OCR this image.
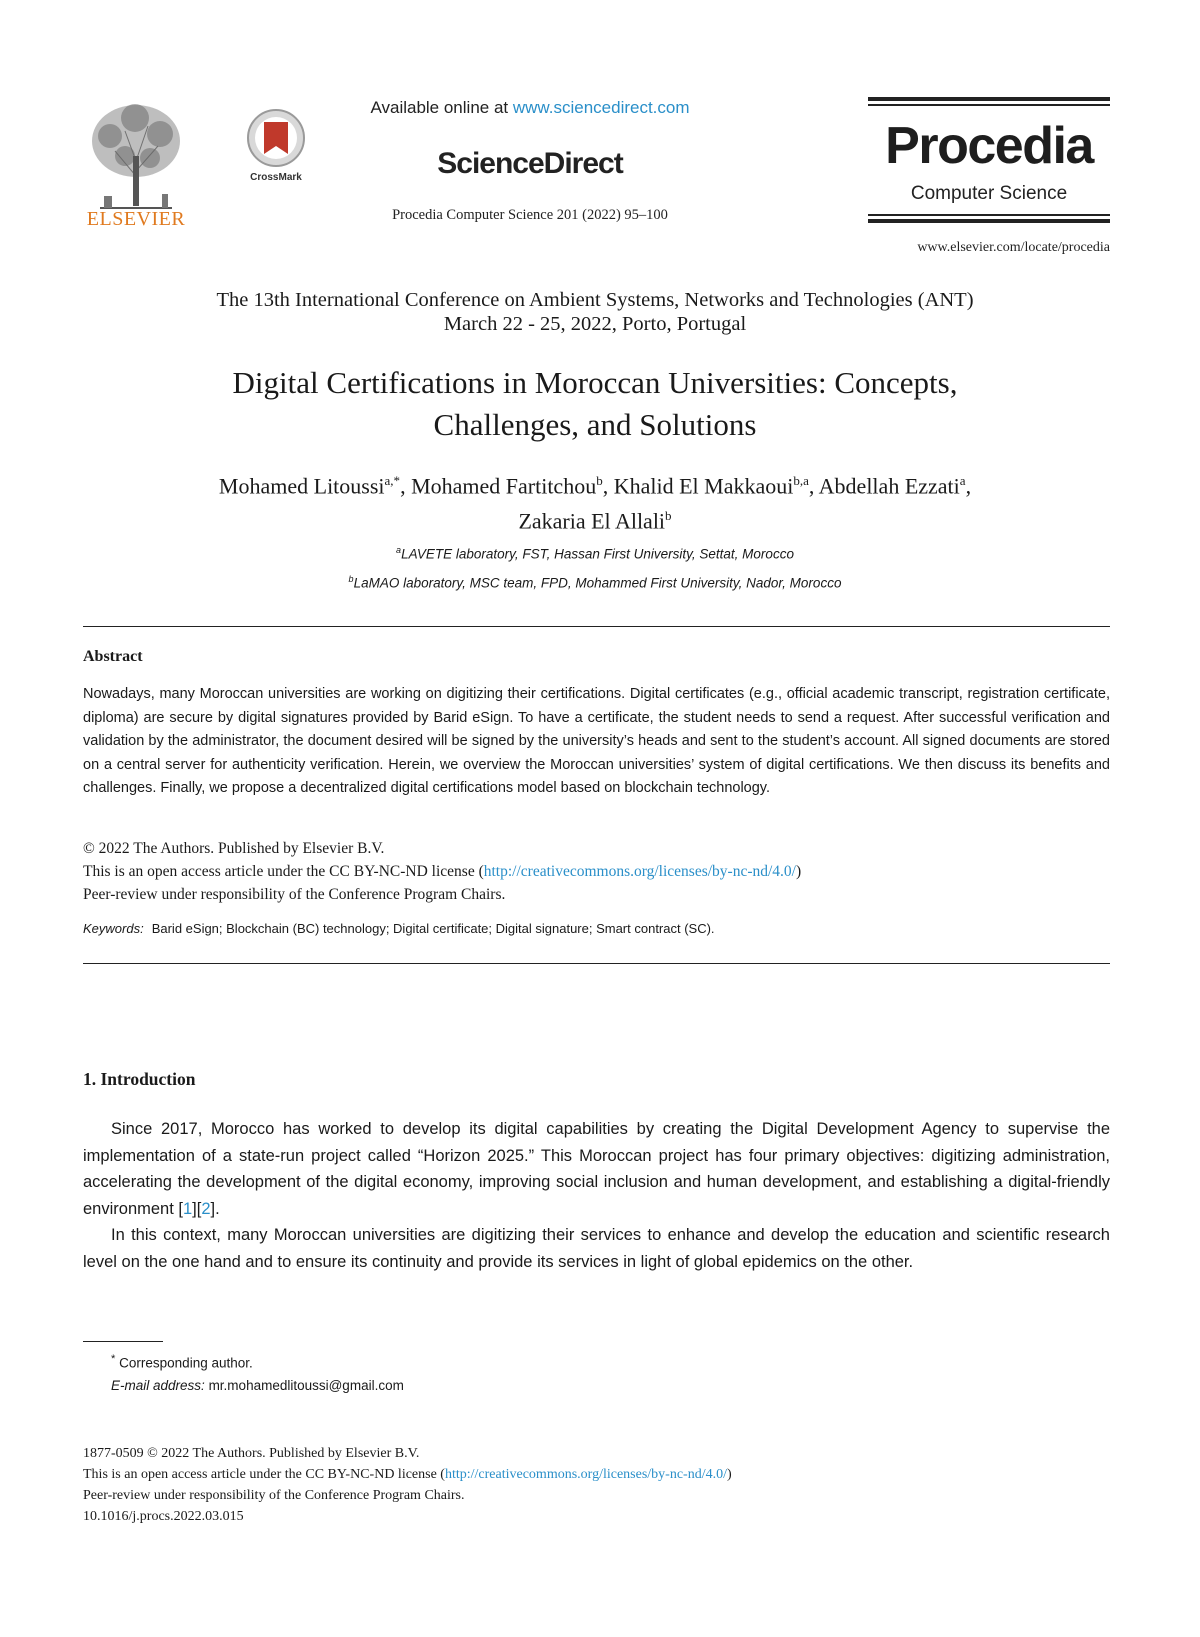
ELSEVIER
CrossMark
Available online at www.sciencedirect.com
ScienceDirect
Procedia Computer Science 201 (2022) 95–100
Procedia
Computer Science
www.elsevier.com/locate/procedia
The 13th International Conference on Ambient Systems, Networks and Technologies (ANT)
March 22 - 25, 2022, Porto, Portugal
Digital Certifications in Moroccan Universities: Concepts,
Challenges, and Solutions
Mohamed Litoussi$^{a,*}$, Mohamed Fartitchou$^b$, Khalid El Makkaoui$^{b,a}$, Abdellah Ezzati$^a$,
Zakaria El Allali$^b$
$^a$LAVETE laboratory, FST, Hassan First University, Settat, Morocco
$^b$LaMAO laboratory, MSC team, FPD, Mohammed First University, Nador, Morocco
Abstract
Nowadays, many Moroccan universities are working on digitizing their certifications. Digital certificates (e.g., official academic transcript, registration certificate, diploma) are secure by digital signatures provided by Barid eSign. To have a certificate, the student needs to send a request. After successful verification and validation by the administrator, the document desired will be signed by the university’s heads and sent to the student’s account. All signed documents are stored on a central server for authenticity verification. Herein, we overview the Moroccan universities’ system of digital certifications. We then discuss its benefits and challenges. Finally, we propose a decentralized digital certifications model based on blockchain technology.
© 2022 The Authors. Published by Elsevier B.V.
This is an open access article under the CC BY-NC-ND license (http://creativecommons.org/licenses/by-nc-nd/4.0/)
Peer-review under responsibility of the Conference Program Chairs.
Keywords: Barid eSign; Blockchain (BC) technology; Digital certificate; Digital signature; Smart contract (SC).
1. Introduction

Since 2017, Morocco has worked to develop its digital capabilities by creating the Digital Development Agency to supervise the implementation of a state-run project called “Horizon 2025.” This Moroccan project has four primary objectives: digitizing administration, accelerating the development of the digital economy, improving social inclusion and human development, and establishing a digital-friendly environment [1][2].

In this context, many Moroccan universities are digitizing their services to enhance and develop the education and scientific research level on the one hand and to ensure its continuity and provide its services in light of global epidemics on the other.

* Corresponding author.
E-mail address: mr.mohamedlitoussi@gmail.com
1877-0509 © 2022 The Authors. Published by Elsevier B.V.
This is an open access article under the CC BY-NC-ND license (http://creativecommons.org/licenses/by-nc-nd/4.0/)
Peer-review under responsibility of the Conference Program Chairs.
10.1016/j.procs.2022.03.015
